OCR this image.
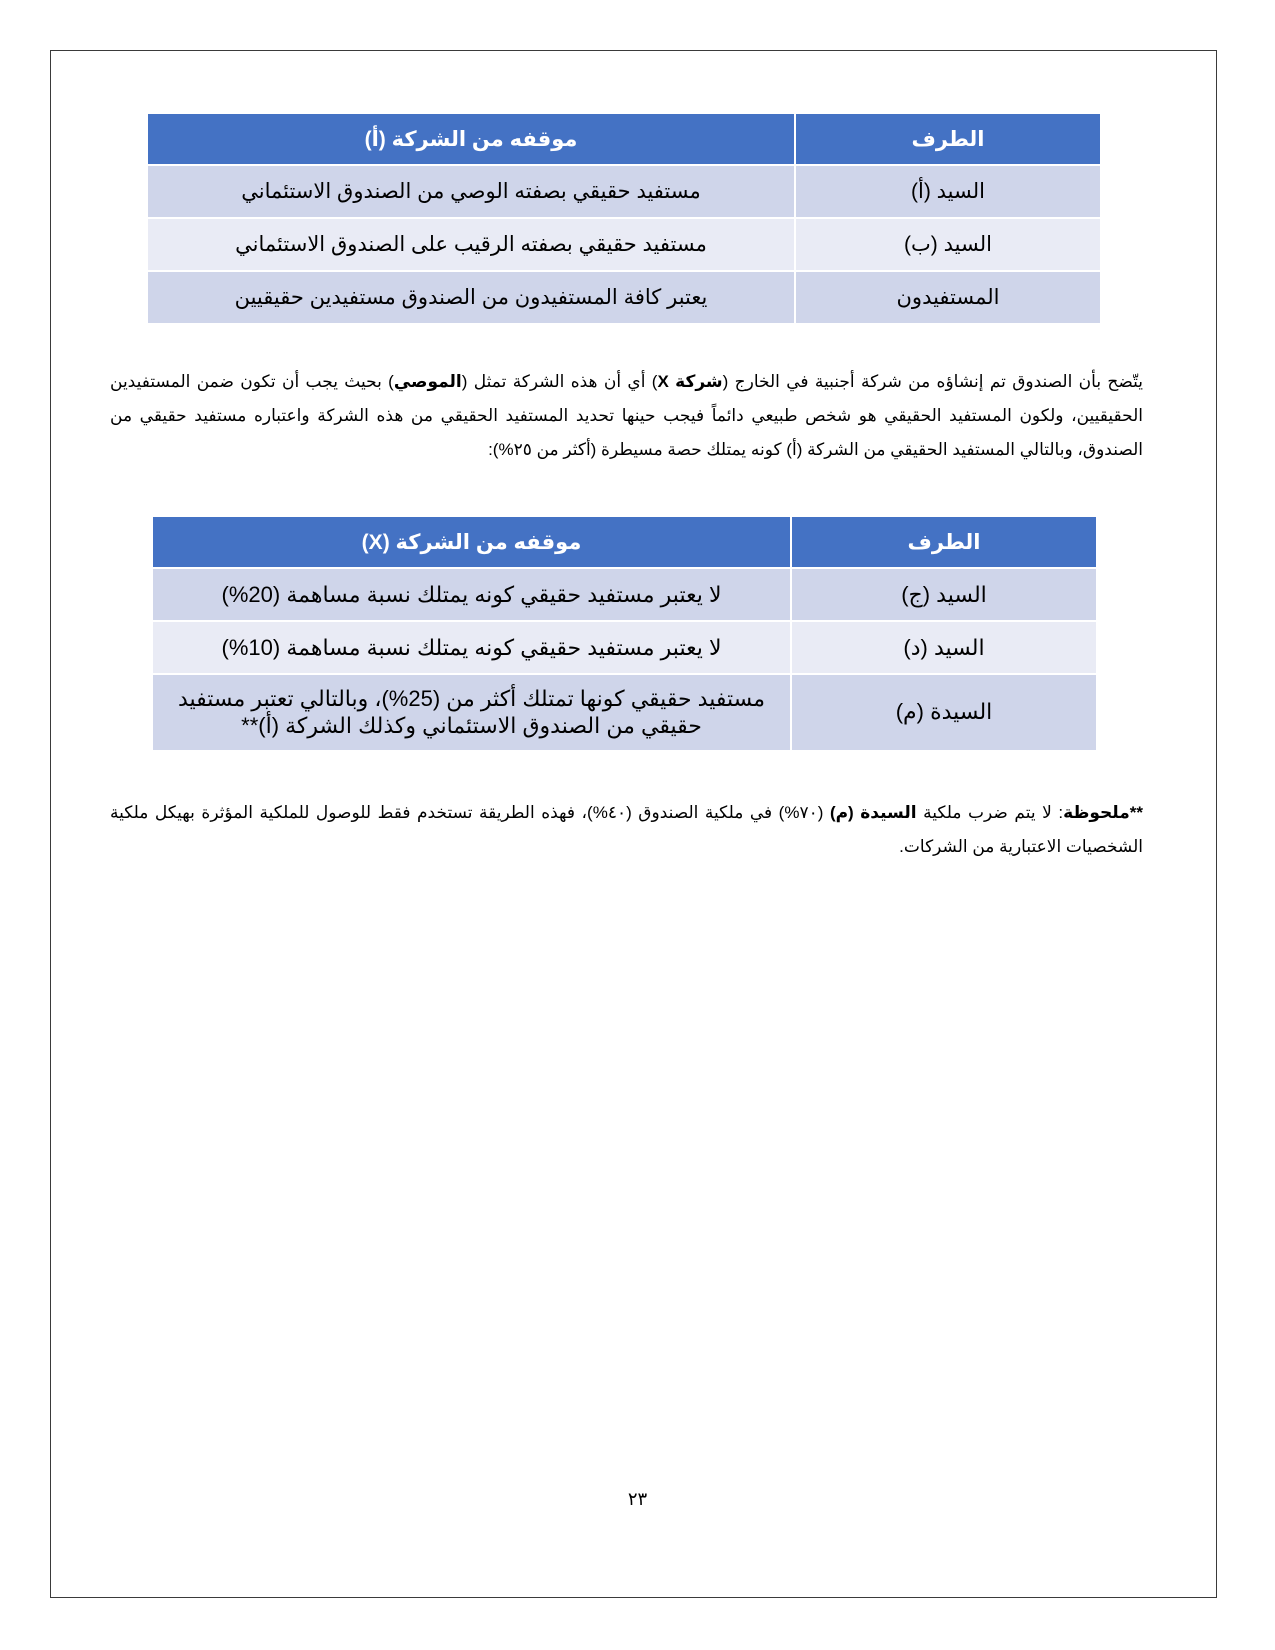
الطرف	موقفه من الشركة (أ)
السيد (أ)	مستفيد حقيقي بصفته الوصي من الصندوق الاستئماني
السيد (ب)	مستفيد حقيقي بصفته الرقيب على الصندوق الاستئماني
المستفيدون	يعتبر كافة المستفيدون من الصندوق مستفيدين حقيقيين

يتّضح بأن الصندوق تم إنشاؤه من شركة أجنبية في الخارج (شركة X) أي أن هذه الشركة تمثل (الموصي) بحيث يجب أن تكون ضمن المستفيدين الحقيقيين، ولكون المستفيد الحقيقي هو شخص طبيعي دائماً فيجب حينها تحديد المستفيد الحقيقي من هذه الشركة واعتباره مستفيد حقيقي من الصندوق، وبالتالي المستفيد الحقيقي من الشركة (أ) كونه يمتلك حصة مسيطرة (أكثر من ٢٥%):

الطرف	موقفه من الشركة (X)
السيد (ج)	لا يعتبر مستفيد حقيقي كونه يمتلك نسبة مساهمة (20%)
السيد (د)	لا يعتبر مستفيد حقيقي كونه يمتلك نسبة مساهمة (10%)
السيدة (م)	مستفيد حقيقي كونها تمتلك أكثر من (25%)، وبالتالي تعتبر مستفيد
حقيقي من الصندوق الاستئماني وكذلك الشركة (أ)**

**ملحوظة: لا يتم ضرب ملكية السيدة (م) (٧٠%) في ملكية الصندوق (٤٠%)، فهذه الطريقة تستخدم فقط للوصول للملكية المؤثرة بهيكل ملكية الشخصيات الاعتبارية من الشركات.

٢٣
